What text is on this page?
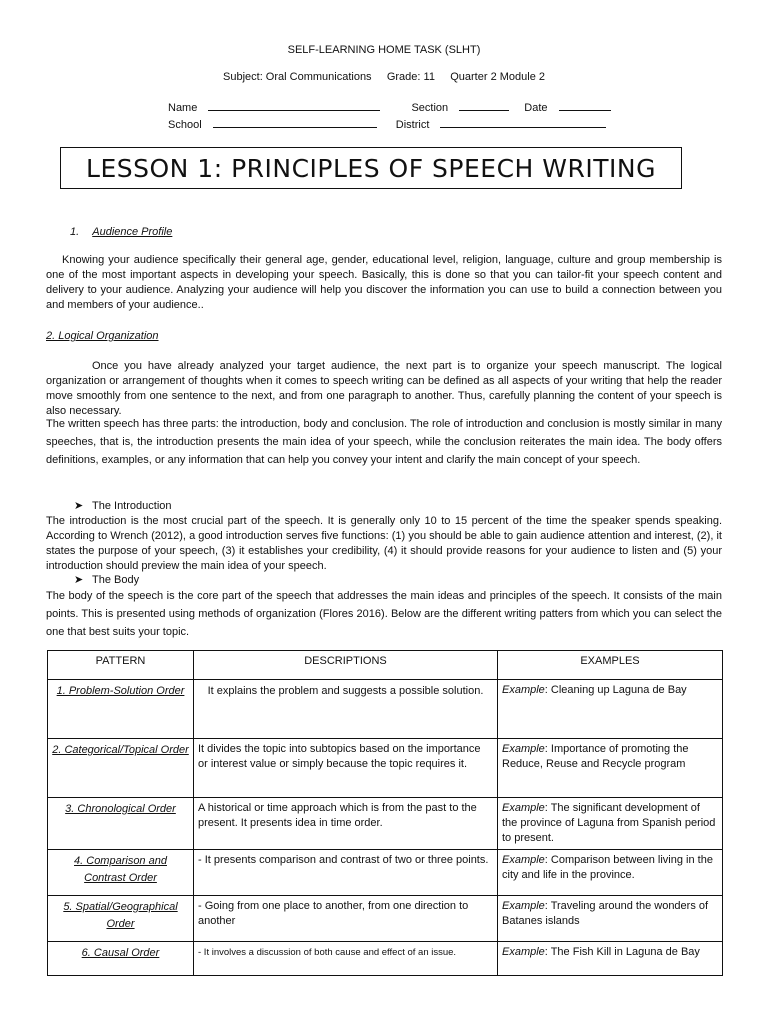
SELF-LEARNING HOME TASK (SLHT)
Subject: Oral Communications     Grade: 11     Quarter 2 Module 2
Name	Section	Date
School	District
LESSON 1: PRINCIPLES OF SPEECH WRITING
1. Audience Profile

Knowing your audience specifically their general age, gender, educational level, religion, language, culture and group membership is one of the most important aspects in developing your speech. Basically, this is done so that you can tailor-fit your speech content and delivery to your audience. Analyzing your audience will help you discover the information you can use to build a connection between you and members of your audience..

2. Logical Organization

Once you have already analyzed your target audience, the next part is to organize your speech manuscript. The logical organization or arrangement of thoughts when it comes to speech writing can be defined as all aspects of your writing that help the reader move smoothly from one sentence to the next, and from one paragraph to another. Thus, carefully planning the content of your speech is also necessary.

The written speech has three parts: the introduction, body and conclusion. The role of introduction and conclusion is mostly similar in many speeches, that is, the introduction presents the main idea of your speech, while the conclusion reiterates the main idea. The body offers definitions, examples, or any information that can help you convey your intent and clarify the main concept of your speech.

➤ The Introduction

The introduction is the most crucial part of the speech. It is generally only 10 to 15 percent of the time the speaker spends speaking. According to Wrench (2012), a good introduction serves five functions: (1) you should be able to gain audience attention and interest, (2), it states the purpose of your speech, (3) it establishes your credibility, (4) it should provide reasons for your audience to listen and (5) your introduction should preview the main idea of your speech.

➤ The Body

The body of the speech is the core part of the speech that addresses the main ideas and principles of the speech. It consists of the main points. This is presented using methods of organization (Flores 2016). Below are the different writing patters from which you can select the one that best suits your topic.

PATTERN	DESCRIPTIONS	EXAMPLES
1. Problem-Solution Order	It explains the problem and suggests a possible solution.	Example: Cleaning up Laguna de Bay
2. Categorical/Topical Order	It divides the topic into subtopics based on the importance or interest value or simply because the topic requires it.	Example: Importance of promoting the Reduce, Reuse and Recycle program
3. Chronological Order	A historical or time approach which is from the past to the present. It presents idea in time order.	Example: The significant development of the province of Laguna from Spanish period to present.
4. Comparison and Contrast Order	- It presents comparison and contrast of two or three points.	Example: Comparison between living in the city and life in the province.
5. Spatial/Geographical Order	- Going from one place to another, from one direction to another	Example: Traveling around the wonders of Batanes islands
6. Causal Order	- It involves a discussion of both cause and effect of an issue.	Example: The Fish Kill in Laguna de Bay
